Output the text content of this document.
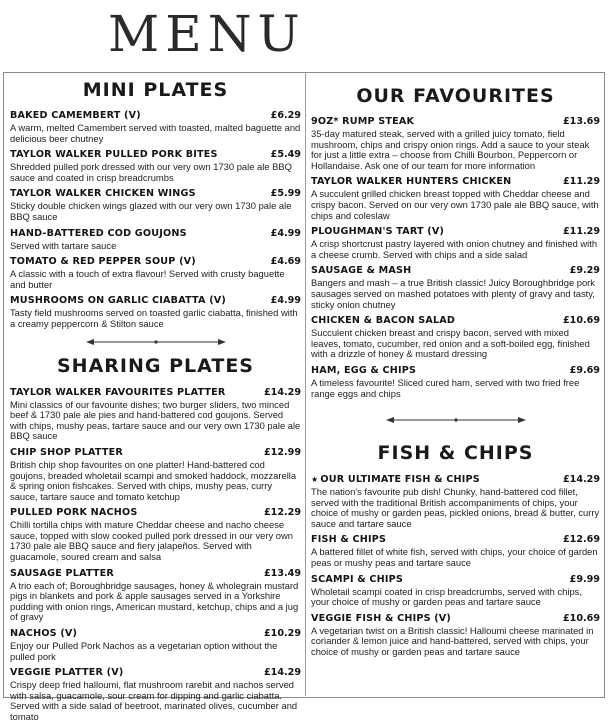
MENU
MINI PLATES
BAKED CAMEMBERT (V)	£6.29
A warm, melted Camembert served with toasted, malted baguette and delicious beer chutney
TAYLOR WALKER PULLED PORK BITES	£5.49
Shredded pulled pork dressed with our very own 1730 pale ale BBQ sauce and coated in crisp breadcrumbs
TAYLOR WALKER CHICKEN WINGS	£5.99
Sticky double chicken wings glazed with our very own 1730 pale ale BBQ sauce
HAND-BATTERED COD GOUJONS	£4.99
Served with tartare sauce
TOMATO & RED PEPPER SOUP (V)	£4.69
A classic with a touch of extra flavour! Served with crusty baguette and butter
MUSHROOMS ON GARLIC CIABATTA (V)	£4.99
Tasty field mushrooms served on toasted garlic ciabatta, finished with a creamy peppercorn & Stilton sauce
SHARING PLATES
TAYLOR WALKER FAVOURITES PLATTER	£14.29
Mini classics of our favourite dishes; two burger sliders, two minced beef & 1730 pale ale pies and hand-battered cod goujons. Served with chips, mushy peas, tartare sauce and our very own 1730 pale ale BBQ sauce
CHIP SHOP PLATTER	£12.99
British chip shop favourites on one platter! Hand-battered cod goujons, breaded wholetail scampi and smoked haddock, mozzarella & spring onion fishcakes. Served with chips, mushy peas, curry sauce, tartare sauce and tomato ketchup
PULLED PORK NACHOS	£12.29
Chilli tortilla chips with mature Cheddar cheese and nacho cheese sauce, topped with slow cooked pulled pork dressed in our very own 1730 pale ale BBQ sauce and fiery jalapeños. Served with guacamole, soured cream and salsa
SAUSAGE PLATTER	£13.49
A trio each of; Boroughbridge sausages, honey & wholegrain mustard pigs in blankets and pork & apple sausages served in a Yorkshire pudding with onion rings, American mustard, ketchup, chips and a jug of gravy
NACHOS (V)	£10.29
Enjoy our Pulled Pork Nachos as a vegetarian option without the pulled pork
VEGGIE PLATTER (V)	£14.29
Crispy deep fried halloumi, flat mushroom rarebit and nachos served with salsa, guacamole, sour cream for dipping and garlic ciabatta. Served with a side salad of beetroot, marinated olives, cucumber and tomato
OUR FAVOURITES
9OZ* RUMP STEAK	£13.69
35-day matured steak, served with a grilled juicy tomato, field mushroom, chips and crispy onion rings. Add a sauce to your steak for just a little extra – choose from Chilli Bourbon, Peppercorn or Hollandaise. Ask one of our team for more information
TAYLOR WALKER HUNTERS CHICKEN	£11.29
A succulent grilled chicken breast topped with Cheddar cheese and crispy bacon. Served on our very own 1730 pale ale BBQ sauce, with chips and coleslaw
PLOUGHMAN'S TART (V)	£11.29
A crisp shortcrust pastry layered with onion chutney and finished with a cheese crumb. Served with chips and a side salad
SAUSAGE & MASH	£9.29
Bangers and mash – a true British classic! Juicy Boroughbridge pork sausages served on mashed potatoes with plenty of gravy and tasty, sticky onion chutney
CHICKEN & BACON SALAD	£10.69
Succulent chicken breast and crispy bacon, served with mixed leaves, tomato, cucumber, red onion and a soft-boiled egg, finished with a drizzle of honey & mustard dressing
HAM, EGG & CHIPS	£9.69
A timeless favourite! Sliced cured ham, served with two fried free range eggs and chips
FISH & CHIPS
★ OUR ULTIMATE FISH & CHIPS	£14.29
The nation's favourite pub dish! Chunky, hand-battered cod fillet, served with the traditional British accompaniments of chips, your choice of mushy or garden peas, pickled onions, bread & butter, curry sauce and tartare sauce
FISH & CHIPS	£12.69
A battered fillet of white fish, served with chips, your choice of garden peas or mushy peas and tartare sauce
SCAMPI & CHIPS	£9.99
Wholetail scampi coated in crisp breadcrumbs, served with chips, your choice of mushy or garden peas and tartare sauce
VEGGIE FISH & CHIPS (V)	£10.69
A vegetarian twist on a British classic! Halloumi cheese marinated in coriander & lemon juice and hand-battered, served with chips, your choice of mushy or garden peas and tartare sauce
